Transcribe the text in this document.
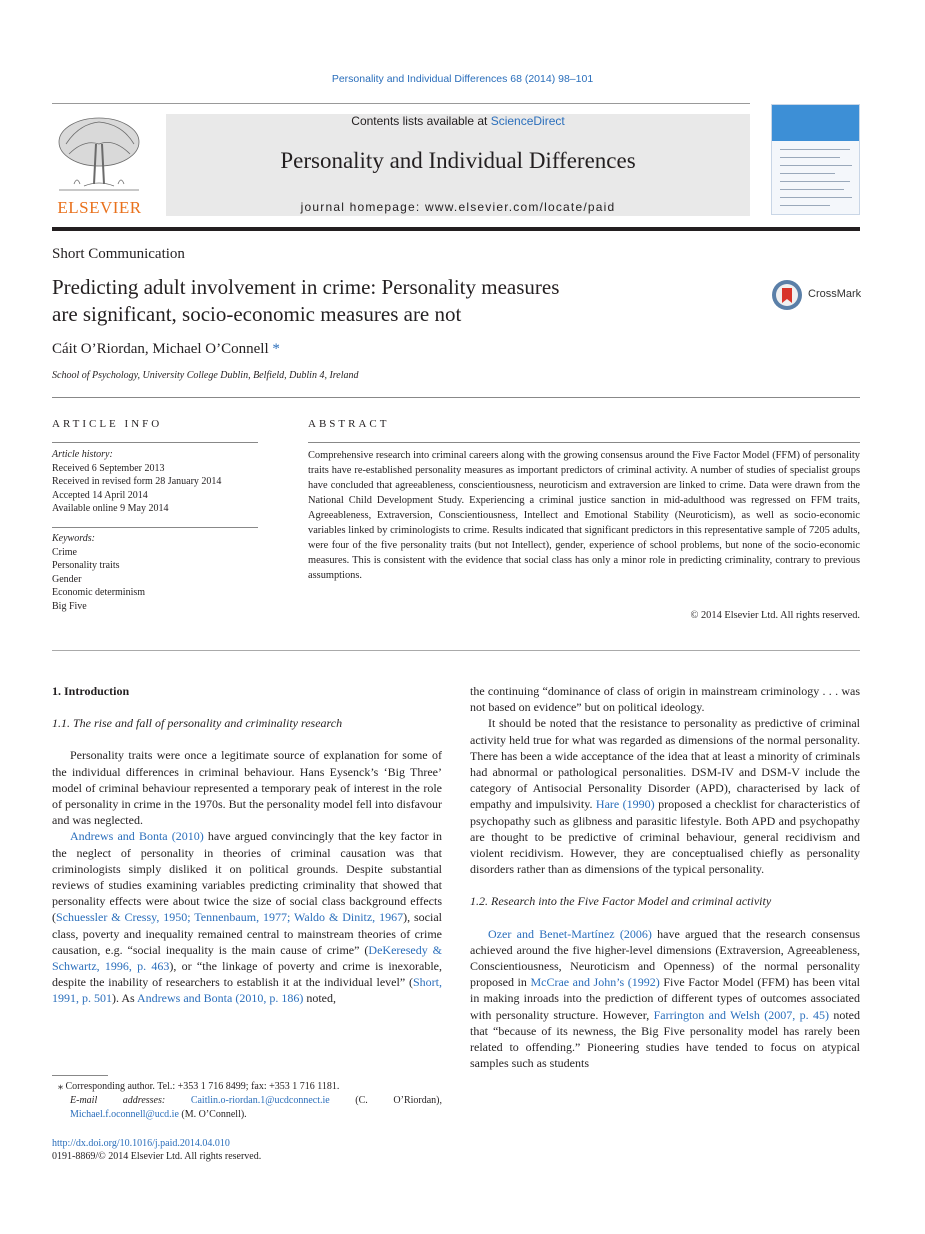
Personality and Individual Differences 68 (2014) 98–101
ELSEVIER
Contents lists available at ScienceDirect
Personality and Individual Differences
journal homepage: www.elsevier.com/locate/paid
Short Communication
Predicting adult involvement in crime: Personality measures
are significant, socio-economic measures are not
CrossMark
Cáit O’Riordan, Michael O’Connell *
School of Psychology, University College Dublin, Belfield, Dublin 4, Ireland
ARTICLE INFO	ABSTRACT
Article history:
Received 6 September 2013
Received in revised form 28 January 2014
Accepted 14 April 2014
Available online 9 May 2014
Keywords:
Crime
Personality traits
Gender
Economic determinism
Big Five
Comprehensive research into criminal careers along with the growing consensus around the Five Factor Model (FFM) of personality traits have re-established personality measures as important predictors of criminal activity. A number of studies of specialist groups have concluded that agreeableness, conscientiousness, neuroticism and extraversion are linked to crime. Data were drawn from the National Child Development Study. Experiencing a criminal justice sanction in mid-adulthood was regressed on FFM traits, Agreeableness, Extraversion, Conscientiousness, Intellect and Emotional Stability (Neuroticism), as well as socio-economic variables linked by criminologists to crime. Results indicated that significant predictors in this representative sample of 7205 adults, were four of the five personality traits (but not Intellect), gender, experience of school problems, but none of the socio-economic measures. This is consistent with the evidence that social class has only a minor role in predicting criminality, contrary to previous assumptions.
© 2014 Elsevier Ltd. All rights reserved.

1. Introduction

1.1. The rise and fall of personality and criminality research

Personality traits were once a legitimate source of explanation for some of the individual differences in criminal behaviour. Hans Eysenck’s ‘Big Three’ model of criminal behaviour represented a temporary peak of interest in the role of personality in crime in the 1970s. But the personality model fell into disfavour and was neglected.

Andrews and Bonta (2010) have argued convincingly that the key factor in the neglect of personality in theories of criminal causation was that criminologists simply disliked it on political grounds. Despite substantial reviews of studies examining variables predicting criminality that showed that personality effects were about twice the size of social class background effects (Schuessler & Cressy, 1950; Tennenbaum, 1977; Waldo & Dinitz, 1967), social class, poverty and inequality remained central to mainstream theories of crime causation, e.g. “social inequality is the main cause of crime” (DeKeresedy & Schwartz, 1996, p. 463), or “the linkage of poverty and crime is inexorable, despite the inability of researchers to establish it at the individual level” (Short, 1991, p. 501). As Andrews and Bonta (2010, p. 186) noted,

the continuing “dominance of class of origin in mainstream criminology . . . was not based on evidence” but on political ideology.

It should be noted that the resistance to personality as predictive of criminal activity held true for what was regarded as dimensions of the normal personality. There has been a wide acceptance of the idea that at least a minority of criminals had abnormal or pathological personalities. DSM-IV and DSM-V include the category of Antisocial Personality Disorder (APD), characterised by lack of empathy and impulsivity. Hare (1990) proposed a checklist for characteristics of psychopathy such as glibness and parasitic lifestyle. Both APD and psychopathy are thought to be predictive of criminal behaviour, general recidivism and violent recidivism. However, they are conceptualised chiefly as personality disorders rather than as dimensions of the typical personality.

1.2. Research into the Five Factor Model and criminal activity

Ozer and Benet-Martínez (2006) have argued that the research consensus achieved around the five higher-level dimensions (Extraversion, Agreeableness, Conscientiousness, Neuroticism and Openness) of the normal personality proposed in McCrae and John’s (1992) Five Factor Model (FFM) has been vital in making inroads into the prediction of different types of outcomes associated with personality structure. However, Farrington and Welsh (2007, p. 45) noted that “because of its newness, the Big Five personality model has rarely been related to offending.” Pioneering studies have tended to focus on atypical samples such as students

⁎ Corresponding author. Tel.: +353 1 716 8499; fax: +353 1 716 1181.
E-mail addresses:	Caitlin.o-riordan.1@ucdconnect.ie (C. O’Riordan), Michael.f.oconnell@ucd.ie (M. O’Connell).
http://dx.doi.org/10.1016/j.paid.2014.04.010
0191-8869/© 2014 Elsevier Ltd. All rights reserved.
